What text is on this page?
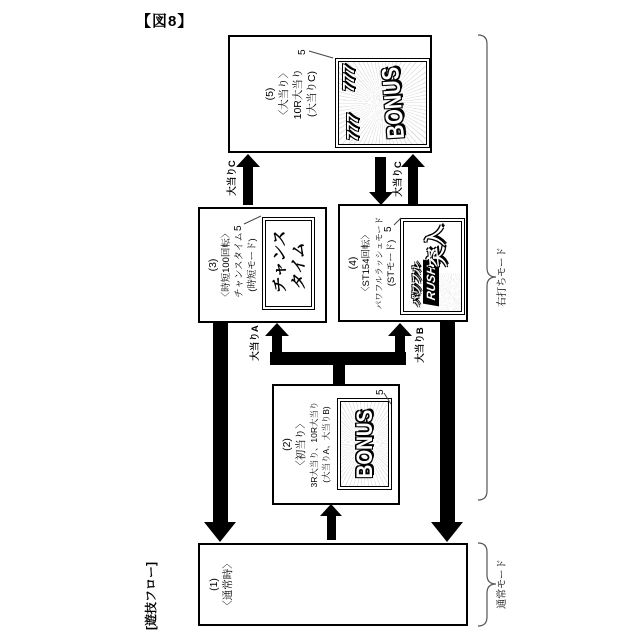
【図8】
[遊技フロー]	(1) 〈通常時〉
(2) 〈初当り〉 3R大当り、10R大当り (大当りA、大当りB) BONUS
5
(3) 〈時短100回転〉 チャンスタイム (時短モード) チャンス タイム
5
(4) 〈ST154回転〉 パワフルラッシュモード (STモード) パワフル RUSH
突入
5
(5) 〈大当り〉 10R大当り (大当りC)
777
777 BONUS
5
大当りA	大当りB
大当りC	大当りC
右打ちモード
通常モード
